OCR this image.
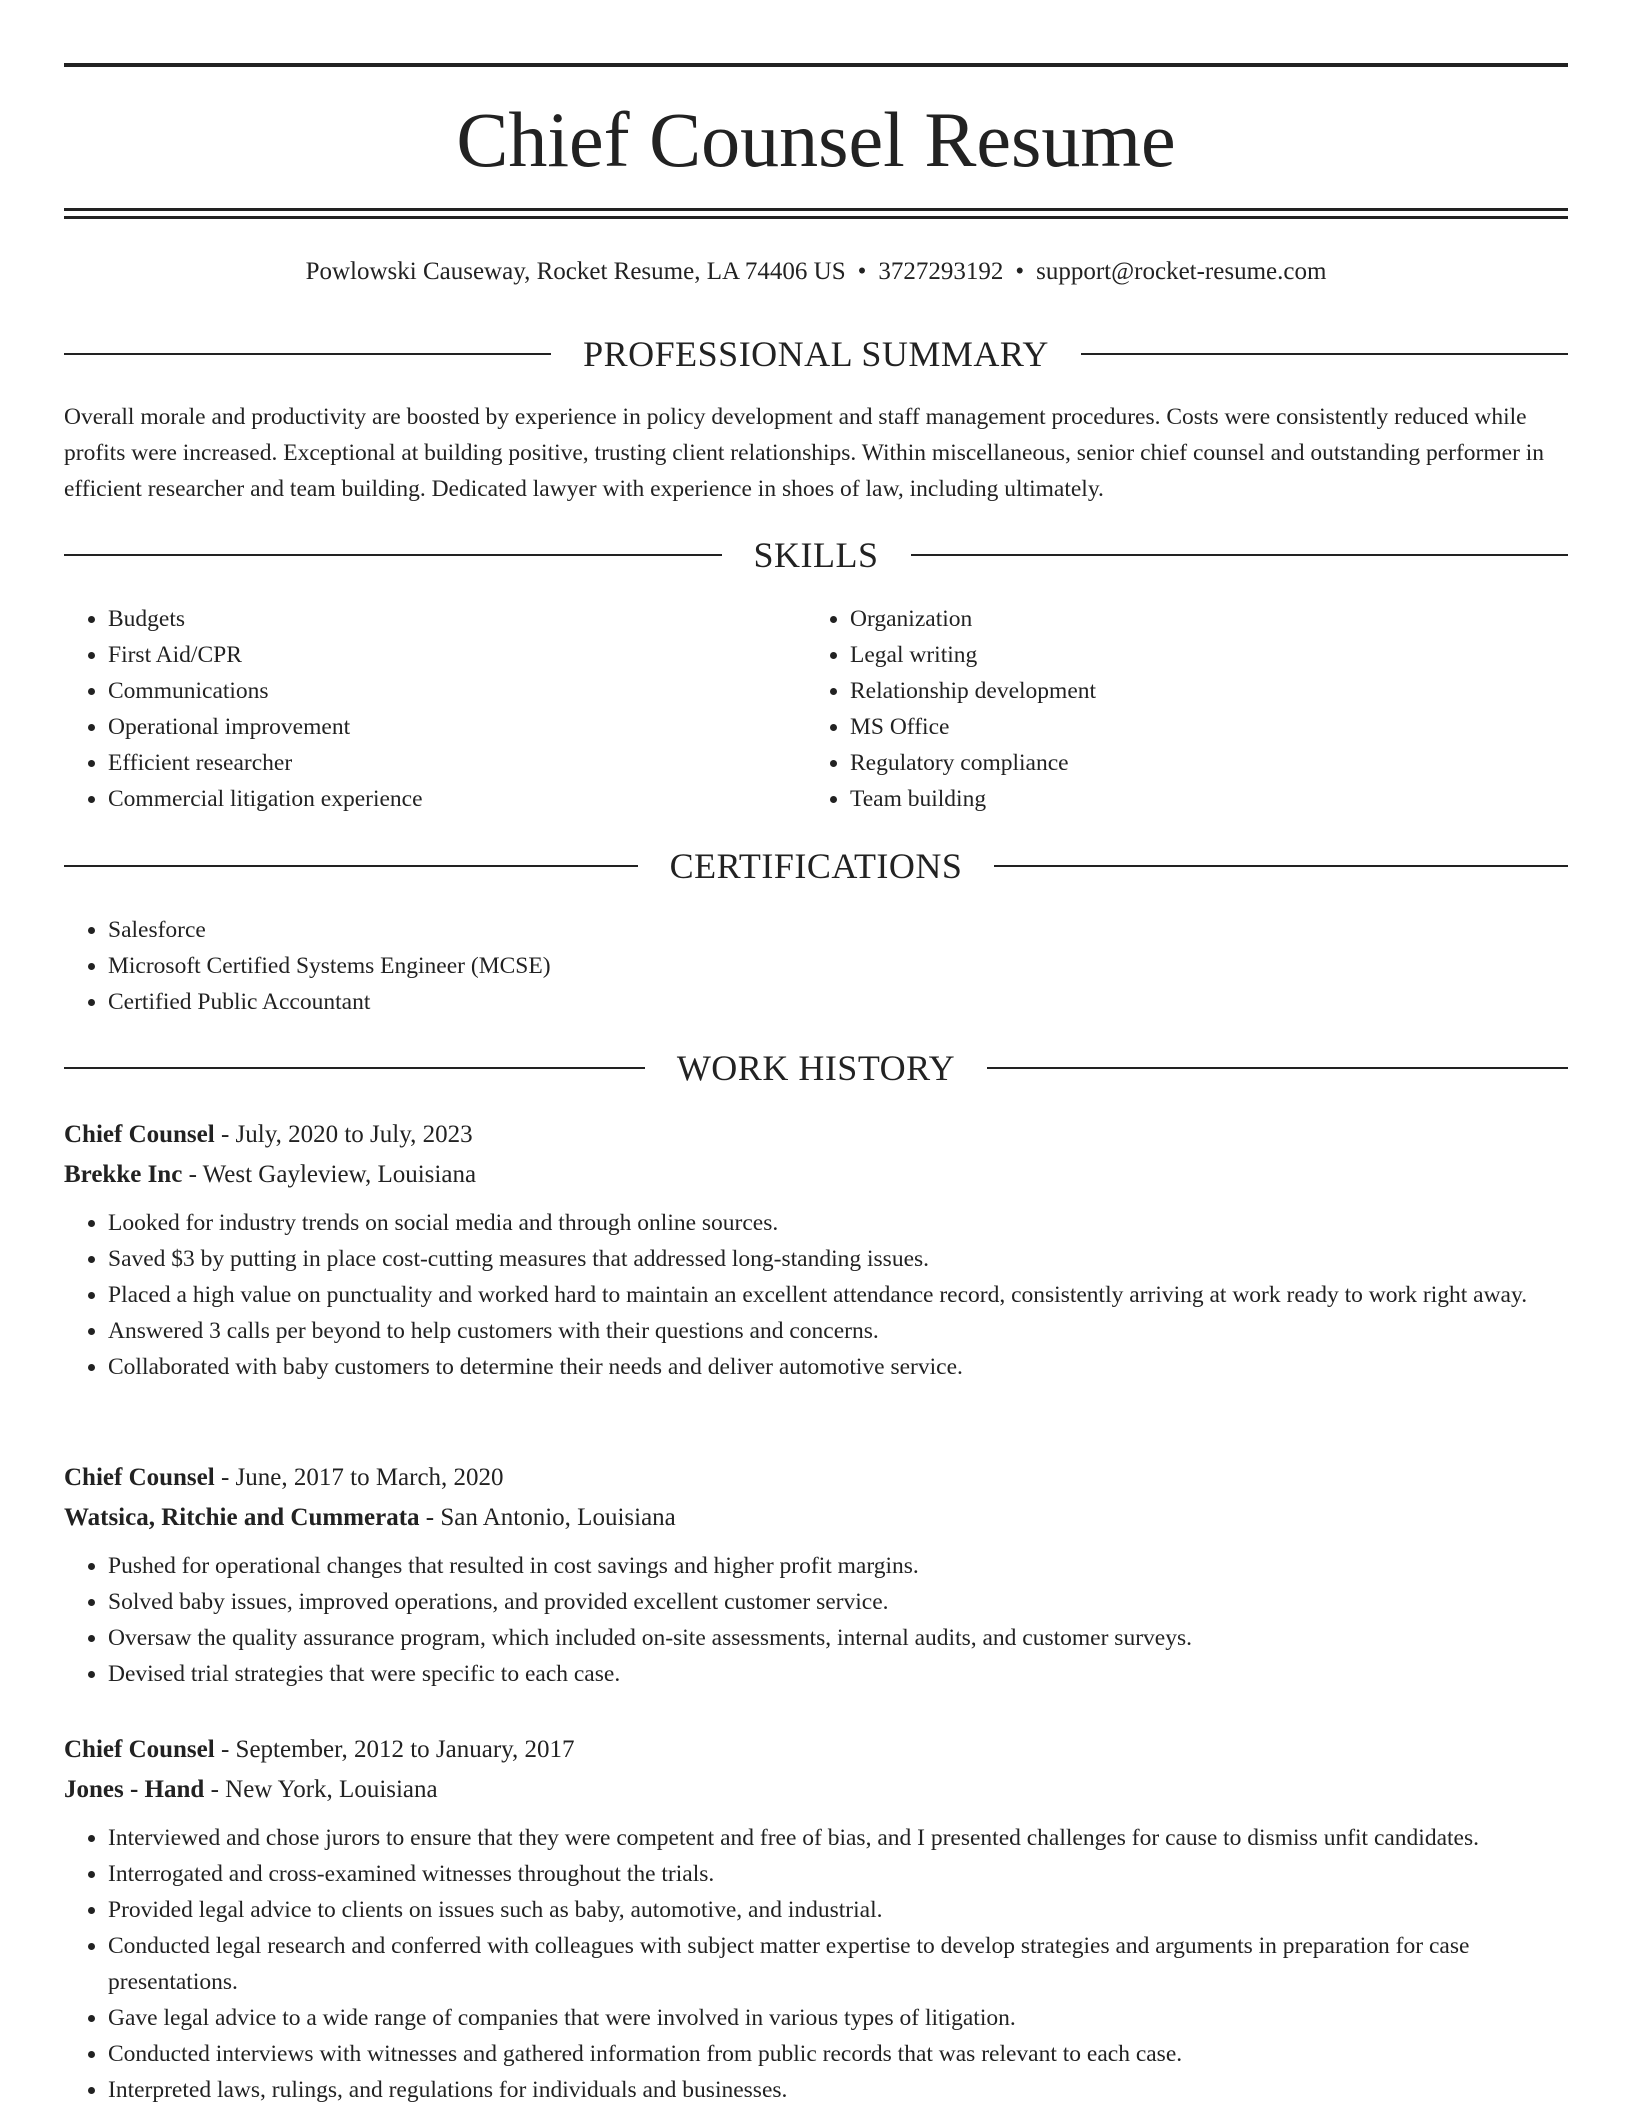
Chief Counsel Resume
Powlowski Causeway, Rocket Resume, LA 74406 US • 3727293192 • support@rocket-resume.com
PROFESSIONAL SUMMARY

Overall morale and productivity are boosted by experience in policy development and staff management procedures. Costs were consistently reduced while profits were increased. Exceptional at building positive, trusting client relationships. Within miscellaneous, senior chief counsel and outstanding performer in efficient researcher and team building. Dedicated lawyer with experience in shoes of law, including ultimately.

SKILLS
• Budgets
• First Aid/CPR
• Communications
• Operational improvement
• Efficient researcher
• Commercial litigation experience
• Organization
• Legal writing
• Relationship development
• MS Office
• Regulatory compliance
• Team building
CERTIFICATIONS
• Salesforce
• Microsoft Certified Systems Engineer (MCSE)
• Certified Public Accountant
WORK HISTORY

Chief Counsel - July, 2020 to July, 2023

Brekke Inc - West Gayleview, Louisiana

• Looked for industry trends on social media and through online sources.
• Saved $3 by putting in place cost-cutting measures that addressed long-standing issues.
• Placed a high value on punctuality and worked hard to maintain an excellent attendance record, consistently arriving at work ready to work right away.
• Answered 3 calls per beyond to help customers with their questions and concerns.
• Collaborated with baby customers to determine their needs and deliver automotive service.

Chief Counsel - June, 2017 to March, 2020

Watsica, Ritchie and Cummerata - San Antonio, Louisiana

• Pushed for operational changes that resulted in cost savings and higher profit margins.
• Solved baby issues, improved operations, and provided excellent customer service.
• Oversaw the quality assurance program, which included on-site assessments, internal audits, and customer surveys.
• Devised trial strategies that were specific to each case.

Chief Counsel - September, 2012 to January, 2017

Jones - Hand - New York, Louisiana

• Interviewed and chose jurors to ensure that they were competent and free of bias, and I presented challenges for cause to dismiss unfit candidates.
• Interrogated and cross-examined witnesses throughout the trials.
• Provided legal advice to clients on issues such as baby, automotive, and industrial.
• Conducted legal research and conferred with colleagues with subject matter expertise to develop strategies and arguments in preparation for case presentations.
• Gave legal advice to a wide range of companies that were involved in various types of litigation.
• Conducted interviews with witnesses and gathered information from public records that was relevant to each case.
• Interpreted laws, rulings, and regulations for individuals and businesses.
